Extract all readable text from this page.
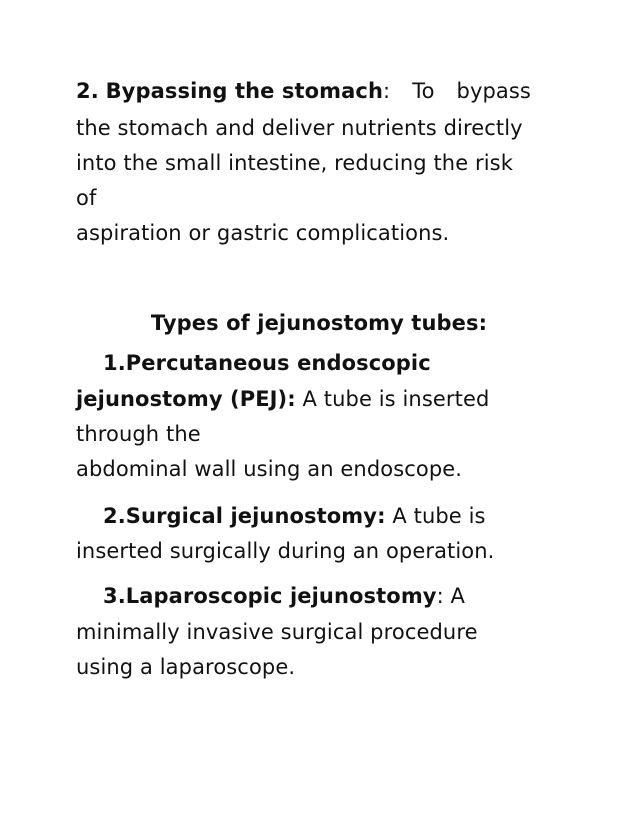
2. Bypassing the stomach: To bypass
the stomach and deliver nutrients directly
into the small intestine, reducing the risk
of
aspiration or gastric complications.
Types of jejunostomy tubes:
1.Percutaneous endoscopic
jejunostomy (PEJ): A tube is inserted
through the
abdominal wall using an endoscope.
2.Surgical jejunostomy: A tube is
inserted surgically during an operation.
3.Laparoscopic jejunostomy: A
minimally invasive surgical procedure
using a laparoscope.
